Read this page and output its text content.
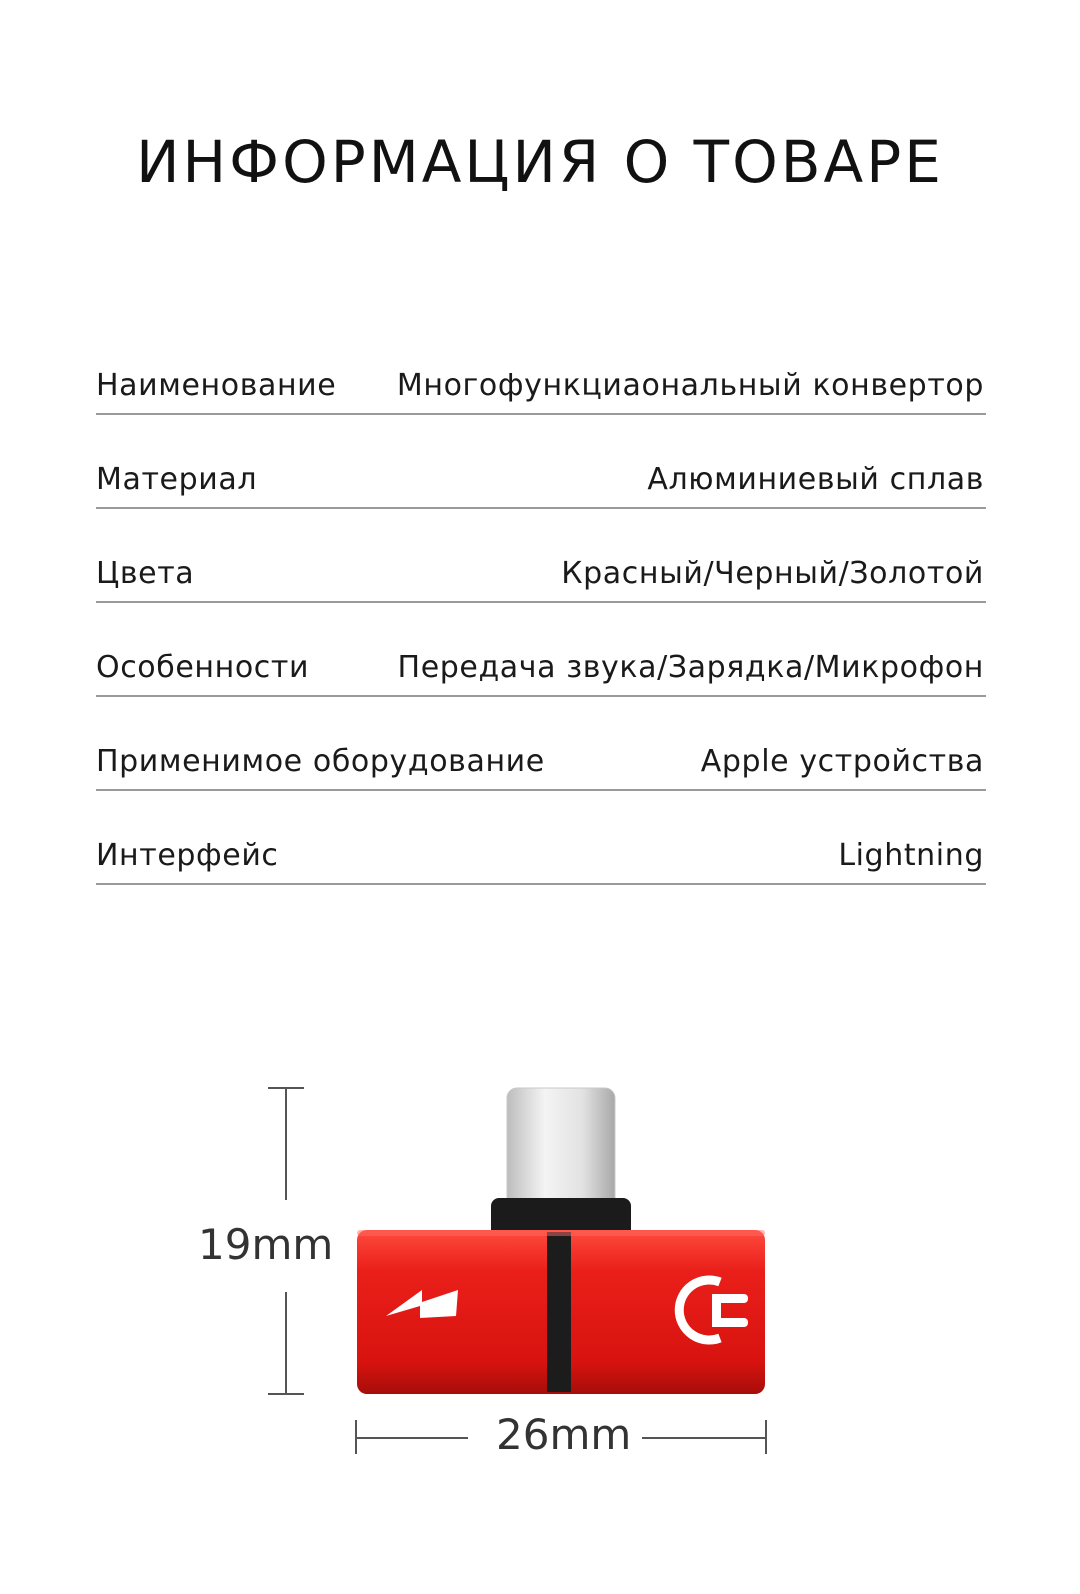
ИНФОРМАЦИЯ О ТОВАРЕ
Наименование Многофункциаональный конвертор
Материал	Алюминиевый сплав
Цвета	Красный/Черный/Золотой
Особенности	Передача звука/Зарядка/Микрофон
Применимое оборудование	Apple устройства
Интерфейс	Lightning
19mm
26mm
